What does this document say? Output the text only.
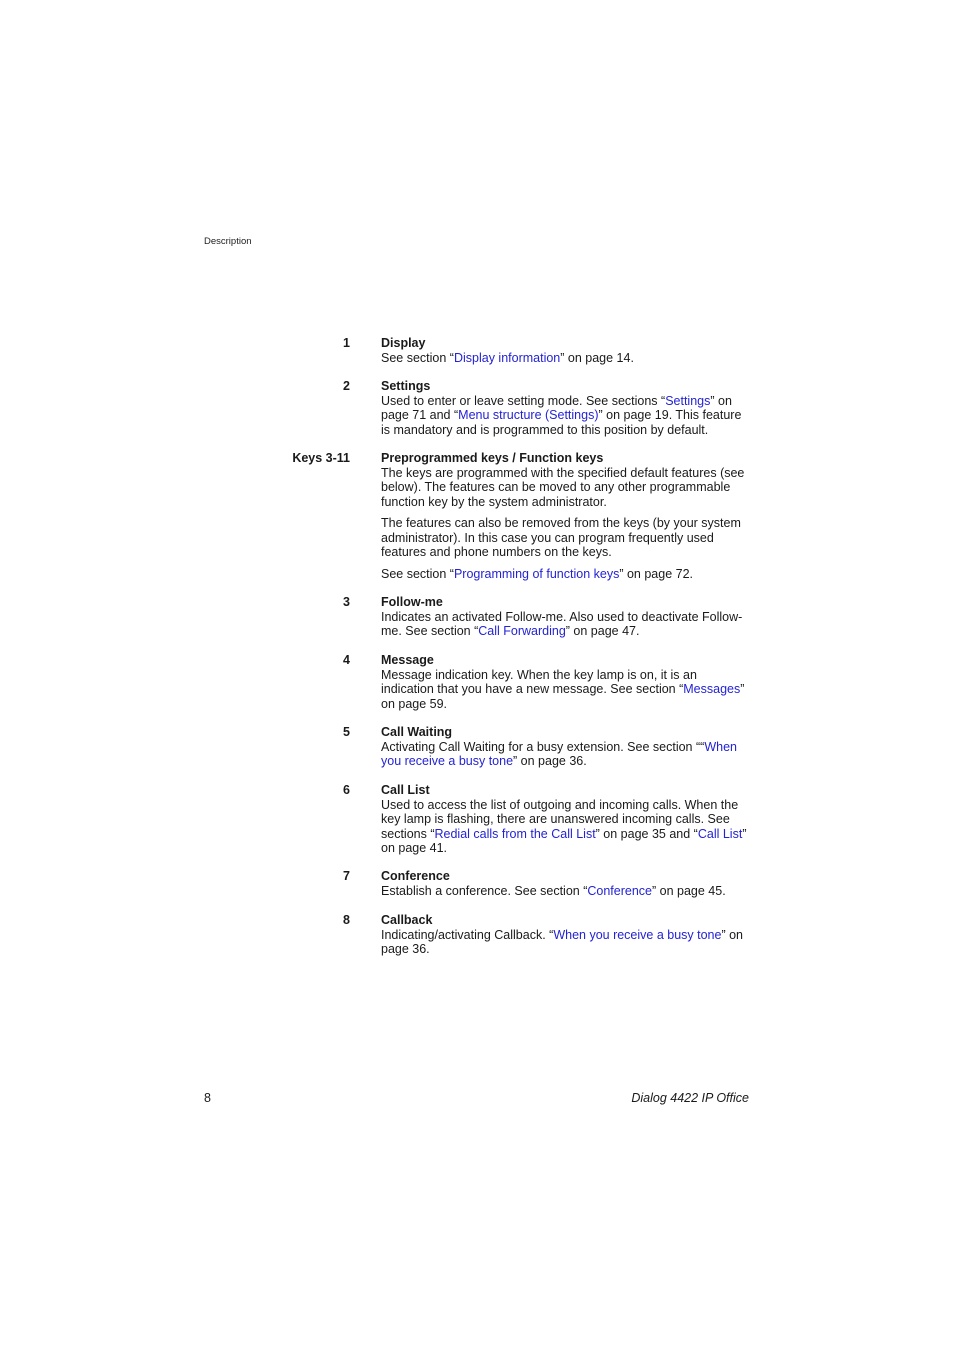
Description
1 Display

See section “Display information” on page 14.

2 Settings

Used to enter or leave setting mode. See sections “Settings” on page 71 and “Menu structure (Settings)” on page 19. This feature is mandatory and is programmed to this position by default.

Keys 3-11 Preprogrammed keys / Function keys

The keys are programmed with the specified default features (see below). The features can be moved to any other programmable function key by the system administrator.

The features can also be removed from the keys (by your system administrator). In this case you can program frequently used features and phone numbers on the keys.

See section “Programming of function keys” on page 72.

3 Follow-me

Indicates an activated Follow-me. Also used to deactivate Follow-me. See section “Call Forwarding” on page 47.

4 Message

Message indication key. When the key lamp is on, it is an indication that you have a new message. See section “Messages” on page 59.

5 Call Waiting

Activating Call Waiting for a busy extension. See section ““When you receive a busy tone” on page 36.

6 Call List

Used to access the list of outgoing and incoming calls. When the key lamp is flashing, there are unanswered incoming calls. See sections “Redial calls from the Call List” on page 35 and “Call List” on page 41.

7 Conference

Establish a conference. See section “Conference” on page 45.

8 Callback

Indicating/activating Callback. “When you receive a busy tone” on page 36.

8	Dialog 4422 IP Office
